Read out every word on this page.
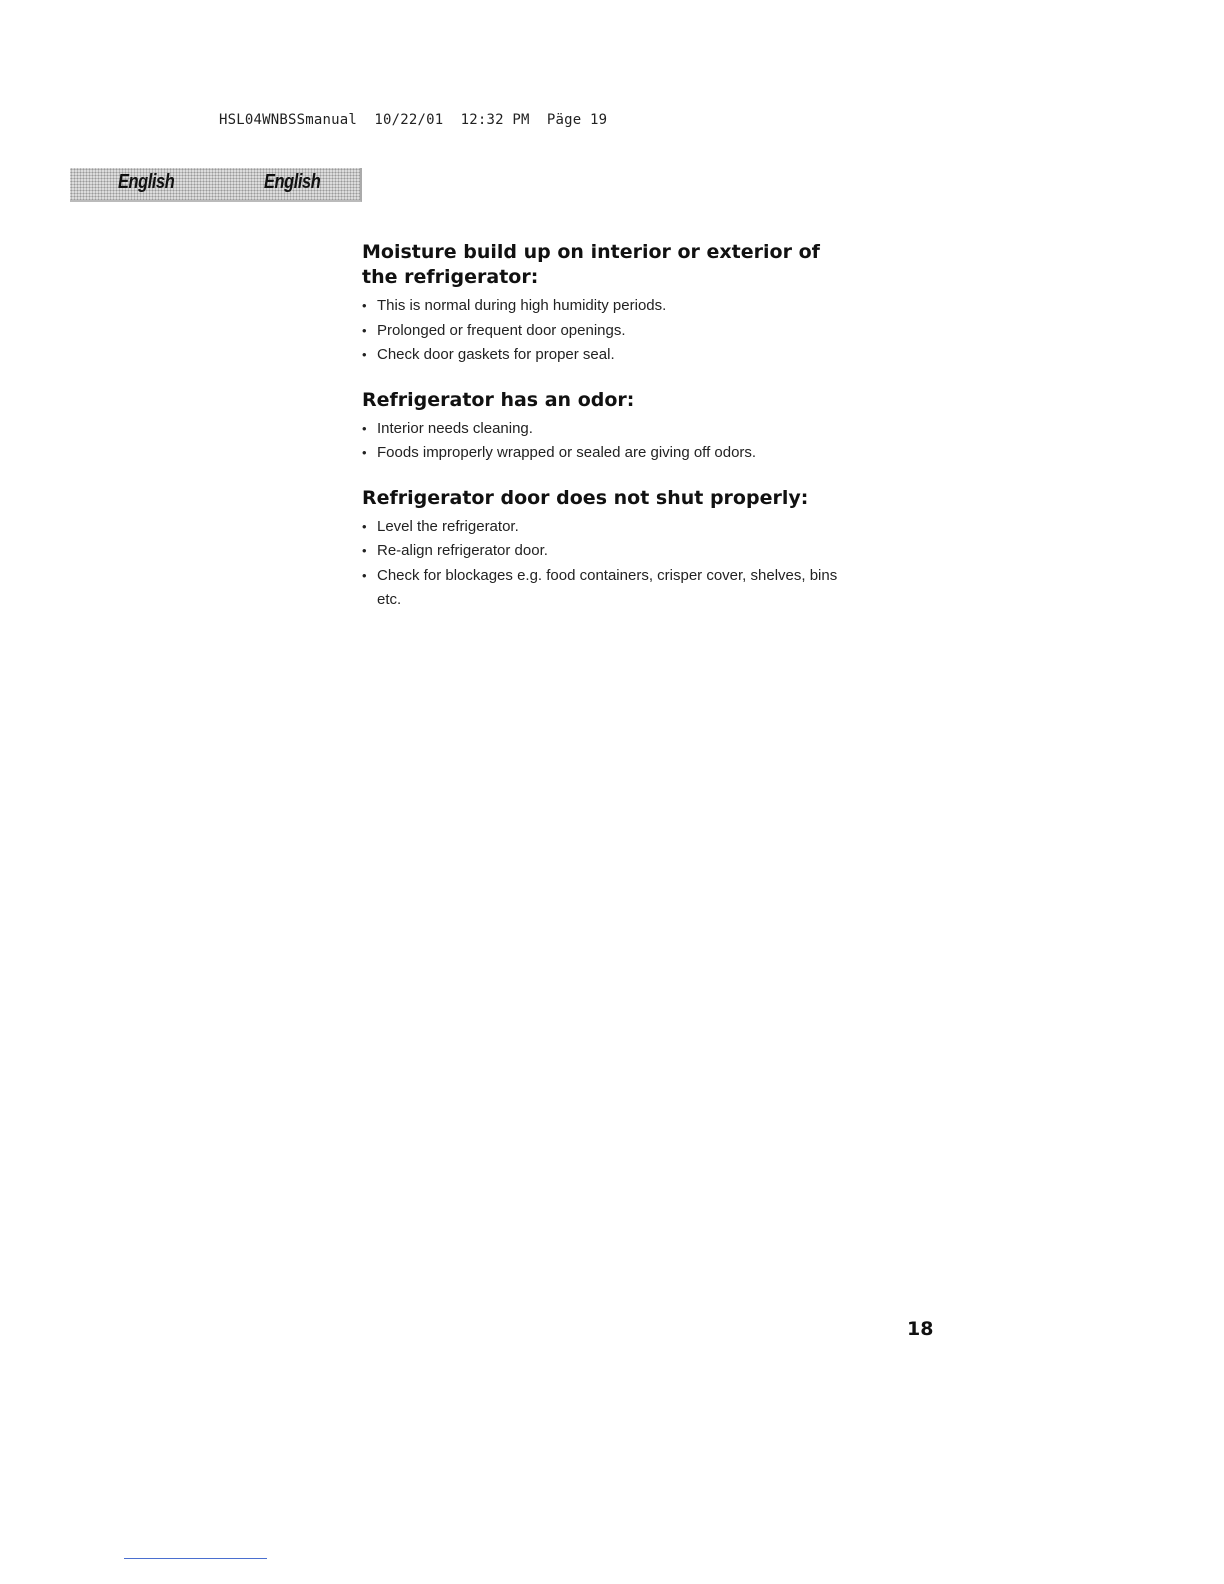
HSL04WNBSSmanual  10/22/01  12:32 PM  Päge 19
English	English
Moisture build up on interior or exterior of the refrigerator:
• This is normal during high humidity periods.
• Prolonged or frequent door openings.
• Check door gaskets for proper seal.
Refrigerator has an odor:
• Interior needs cleaning.
• Foods improperly wrapped or sealed are giving off odors.
Refrigerator door does not shut properly:
• Level the refrigerator.
• Re-align refrigerator door.
• Check for blockages e.g. food containers, crisper cover, shelves, bins etc.
18
